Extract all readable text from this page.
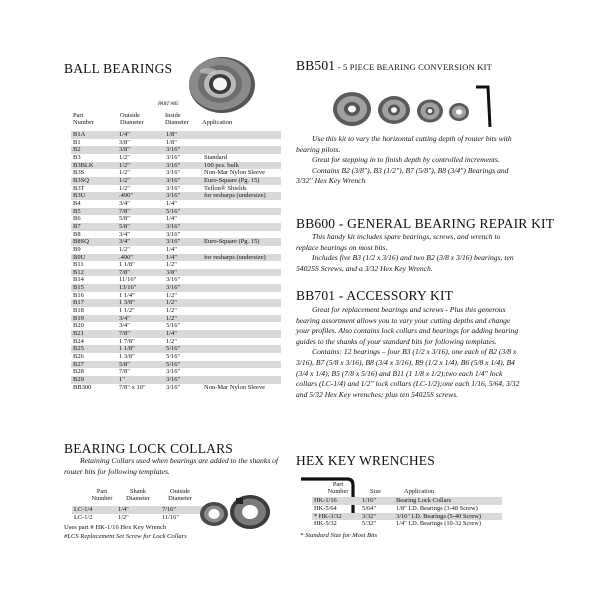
BALL BEARINGS
PART #B5
Part
Number
Outside
Diameter
Inside
Diameter	Application
B1A	1/4"	1/8"	
B1	3/8"	1/8"	
B2	3/8"	3/16"	
B3	1/2"	3/16"	Standard
B3BLK	1/2"	3/16"	100 pcs. bulk
B3S	1/2"	3/16"	Non-Mar Nylon Sleeve
B3SQ	1/2"	3/16"	Euro-Square (Pg. 15)
B3T	1/2"	3/16"	Teflon® Shields
B3U	.490"	3/16"	for resharps (undersize)
B4	3/4"	1/4"	
B5	7/8"	5/16"	
B6	5/8"	1/4"	
B7	5/8"	3/16"	
B8	3/4"	3/16"	
B8SQ	3/4"	3/16"	Euro-Square (Pg. 15)
B9	1/2"	1/4"	
B9U	.490"	1/4"	for resharps (undersize)
B11	1 1/8"	1/2"	
B12	7/8"	3/8"	
B14	11/16"	3/16"	
B15	13/16"	3/16"	
B16	1 1/4"	1/2"	
B17	1 3/8"	1/2"	
B18	1 1/2"	1/2"	
B19	3/4"	1/2"	
B20	3/4"	5/16"	
B21	7/8"	1/4"	
B24	1 7/8"	1/2"	
B25	1 1/8"	5/16"	
B26	1 3/8"	5/16"	
B27	5/8"	5/16"	
B28	7/8"	3/16"	
B29	1"	3/16"	
BB300	7/8" x 10"	3/16"	Non-Mar Nylon Sleeve
BEARING LOCK COLLARS
Retaining Collars used when bearings are added to the shanks of router bits for following templates.
Part
Number
Shank
Diameter
Outside
Diameter
LC-1/4	1/4"	7/16"
LC-1/2	1/2"	11/16"
Uses part # HK-1/16 Hex Key Wrench
#LCS Replacement Set Screw for Lock Collars
BB501 - 5 PIECE BEARING CONVERSION KIT

Use this kit to vary the horizontal cutting depth of router bits with bearing pilots.

Great for stepping in to finish depth by controlled increments.

Contains B2 (3/8"), B3 (1/2"), B7 (5/8"), B8 (3/4") Bearings and 3/32" Hex Key Wrench

BB600 - GENERAL BEARING REPAIR KIT

This handy kit includes spare bearings, screws, and wrench to replace bearings on most bits.

Includes five B3 (1/2 x 3/16) and two B2 (3/8 x 3/16) bearings, ten 54025S Screws, and a 3/32 Hex Key Wrench.

BB701 - ACCESSORY KIT

Great for replacement bearings and screws - Plus this generous bearing assortment allows you to vary your cutting depths and change your profiles. Also contains lock collars and bearings for adding bearing guides to the shanks of your standard bits for following templates.

Contains: 12 bearings – four B3 (1/2 x 3/16), one each of B2 (3/8 x 3/16), B7 (5/8 x 3/16), B8 (3/4 x 3/16), B9 (1/2 x 1/4), B6 (5/8 x 1/4), B4 (3/4 x 1/4), B5 (7/8 x 5/16) and B11 (1 1/8 x 1/2);two each 1/4" lock collars (LC-1/4) and 1/2" lock collars (LC-1/2);one each 1/16, 5/64, 3/32 and 5/32 Hex Key wrenches; plus ten 54025S screws.

HEX KEY WRENCHES
Part
Number	Size	Application
HK-1/16	1/16"	Bearing Lock Collars
HK-5/64	5/64"	1/8" I.D. Bearings (3-48 Screw)
* HK-3/32	3/32"	3/16" I.D. Bearings (5-40 Screw)
HK-5/32	5/32"	1/4" I.D. Bearings (10-32 Screw)
* Standard Size for Most Bits
